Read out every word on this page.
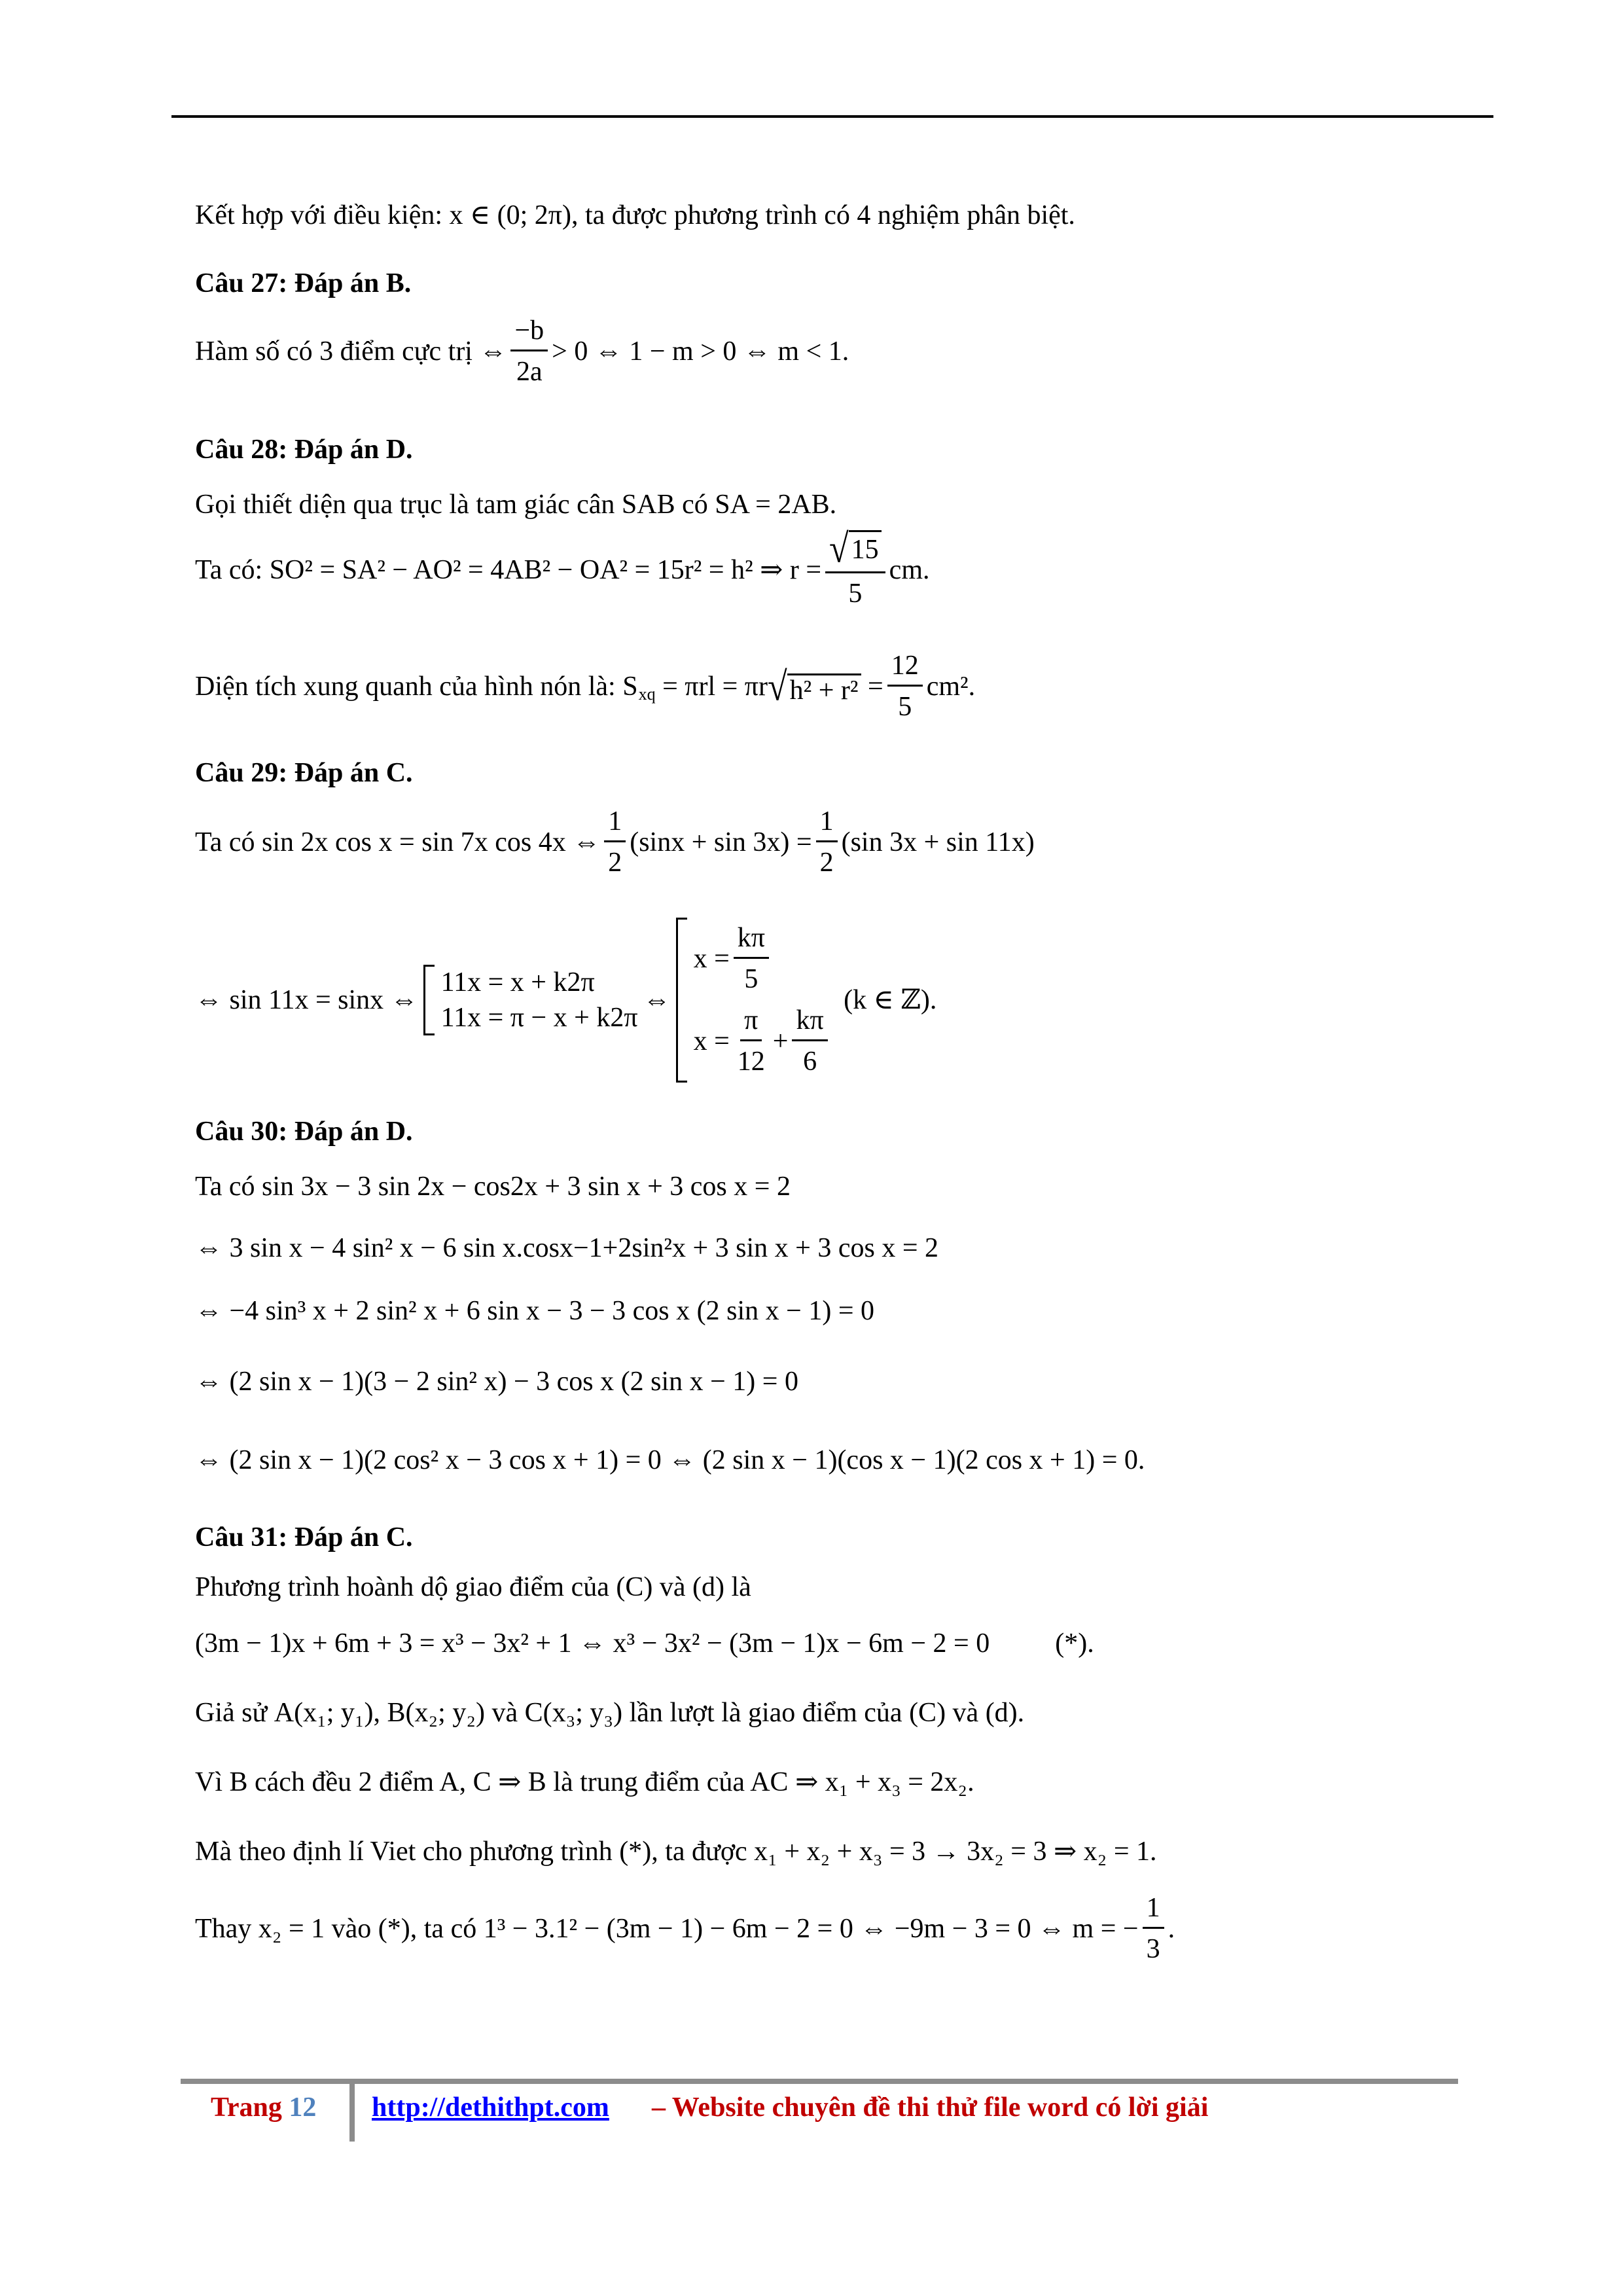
Kết hợp với điều kiện:
x ∈ (0; 2π),
ta được phương trình có 4 nghiệm phân biệt.
Câu 27: Đáp án B.
Hàm số có 3 điểm cực trị
⇔ $\frac{-b}{2a} > 0$ ⇔ 1 − m > 0 ⇔ m < 1.
Câu 28: Đáp án D.
Gọi thiết diện qua trục là tam giác cân SAB có
SA = 2AB.
Ta có:
SO² = SA² − AO² = 4AB² − OA² = 15r² = h² ⇒ $r = \frac{√ 15}{5}$ cm.
Diện tích xung quanh của hình nón là:
S xq
= πrl = πr √ h² + r²
= $\frac{12}{5} cm^2$.
Câu 29: Đáp án C.
Ta có
sin 2x cos x = sin 7x cos 4x ⇔ $\frac{1}{2} (\sin x + \sin 3x) = \frac{1}{2} (\sin$ 3x + sin 11x)
⇔ sin 11x = sinx ⇔
11x = x + k2π
11x = π − x + k2π
⇔
$x = \frac{k\pi}{5}$
$x = \frac{\pi}{12} + \frac{k\pi}{6}$

(k ∈ ℤ).
Câu 30: Đáp án D.
Ta có
sin 3x − 3 sin 2x − cos2x + 3 sin x + 3 cos x = 2
⇔ 3 sin x − 4 sin² x − 6 sin x.cosx−1+2sin²x + 3 sin x + 3 cos x = 2
⇔ −4 sin³ x + 2 sin² x + 6 sin x − 3 − 3 cos x (2 sin x − 1) = 0
⇔ (2 sin x − 1)(3 − 2 sin² x) − 3 cos x (2 sin x − 1) = 0
⇔ (2 sin x − 1)(2 cos² x − 3 cos x + 1) = 0 ⇔ (2 sin x − 1)(cos x − 1)(2 cos x + 1) = 0.
Câu 31: Đáp án C.
Phương trình hoành dộ giao điểm của (C) và (d) là
(3m − 1)x + 6m + 3 = x³ − 3x² + 1 ⇔ x³ − 3x² − (3m − 1)x − 6m − 2 = 0 (*).
Giả sử
A(x₁; y₁), B(x₂; y₂)
và
C(x₃; y₃)
lần lượt là giao điểm của (C) và (d).
Vì B cách đều 2 điểm A, C
⇒
B là trung điểm của AC
⇒ x₁ + x₃ = 2x₂.
Mà theo định lí Viet cho phương trình (*), ta được
x₁ + x₂ + x₃ = 3 → 3x₂ = 3 ⇒ x₂ = 1.
Thay
x₂ = 1
vào (*), ta có
1³ − 3.1² − (3m − 1) − 6m − 2 = 0 ⇔ −9m − 3 = 0 ⇔ m = − $\frac{1}{3}$ .
Trang 12 http://dethithpt.com – Website chuyên đề thi thử file word có lời giải
